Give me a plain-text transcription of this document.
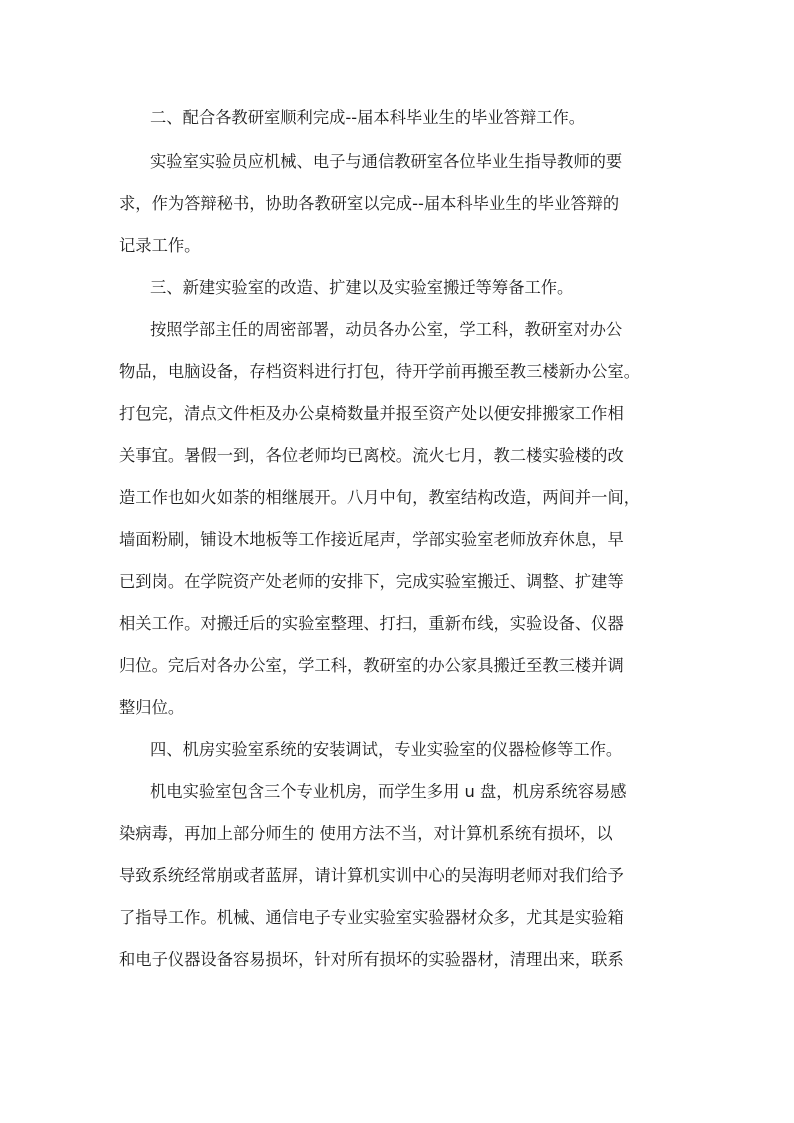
二、配合各教研室顺利完成--届本科毕业生的毕业答辩工作。
实验室实验员应机械、电子与通信教研室各位毕业生指导教师的要
求，作为答辩秘书，协助各教研室以完成--届本科毕业生的毕业答辩的
记录工作。
三、新建实验室的改造、扩建以及实验室搬迁等筹备工作。
按照学部主任的周密部署，动员各办公室，学工科，教研室对办公
物品，电脑设备，存档资料进行打包，待开学前再搬至教三楼新办公室。
打包完，清点文件柜及办公桌椅数量并报至资产处以便安排搬家工作相
关事宜。暑假一到，各位老师均已离校。流火七月，教二楼实验楼的改
造工作也如火如荼的相继展开。八月中旬，教室结构改造，两间并一间，
墙面粉刷，铺设木地板等工作接近尾声，学部实验室老师放弃休息，早
已到岗。在学院资产处老师的安排下，完成实验室搬迁、调整、扩建等
相关工作。对搬迁后的实验室整理、打扫，重新布线，实验设备、仪器
归位。完后对各办公室，学工科，教研室的办公家具搬迁至教三楼并调
整归位。
四、机房实验室系统的安装调试，专业实验室的仪器检修等工作。
机电实验室包含三个专业机房，而学生多用 u 盘，机房系统容易感
染病毒，再加上部分师生的 使用方法不当，对计算机系统有损坏，以
导致系统经常崩或者蓝屏，请计算机实训中心的吴海明老师对我们给予
了指导工作。机械、通信电子专业实验室实验器材众多，尤其是实验箱
和电子仪器设备容易损坏，针对所有损坏的实验器材，清理出来，联系
